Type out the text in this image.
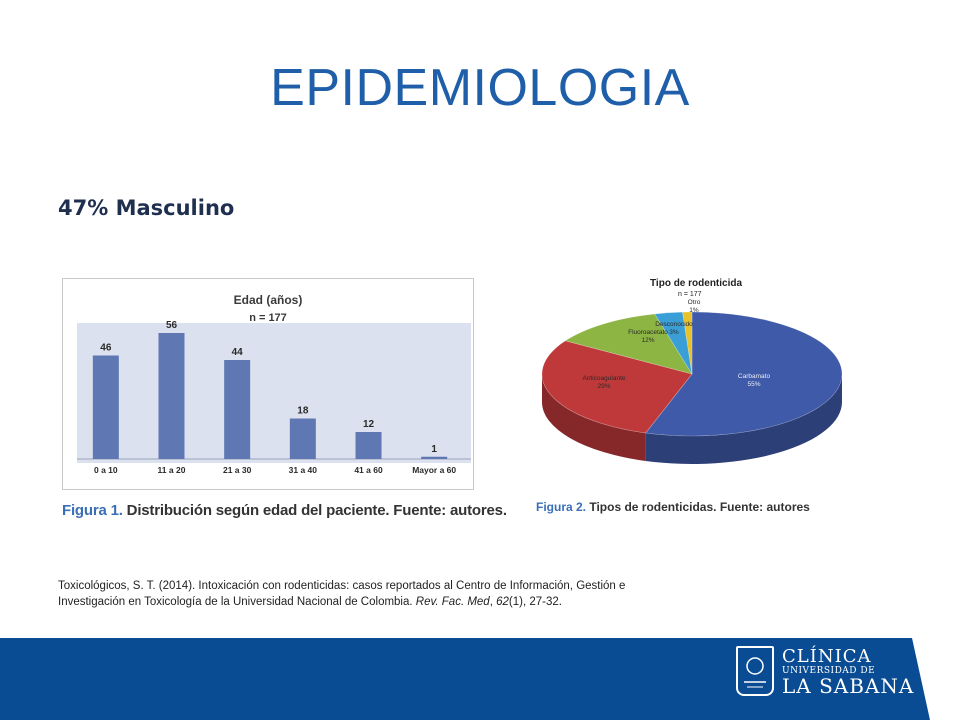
EPIDEMIOLOGIA
47% Masculino
Edad (años)
n = 177
46
0 a 10
56
11 a 20
44
21 a 30
18
31 a 40
12
41 a 60
1
Mayor a 60
Figura 1. Distribución según edad del paciente. Fuente: autores.
Carbamato
55%
Anticoagulante
29%
Fluoroacetato
12%
Desconocido
3%
Otro
1%
Tipo de rodenticida
n = 177
Figura 2. Tipos de rodenticidas. Fuente: autores
Toxicológicos, S. T. (2014). Intoxicación con rodenticidas: casos reportados al Centro de Información, Gestión e
Investigación en Toxicología de la Universidad Nacional de Colombia. Rev. Fac. Med, 62(1), 27-32.
CLÍNICA
UNIVERSIDAD DE
LA SABANA
